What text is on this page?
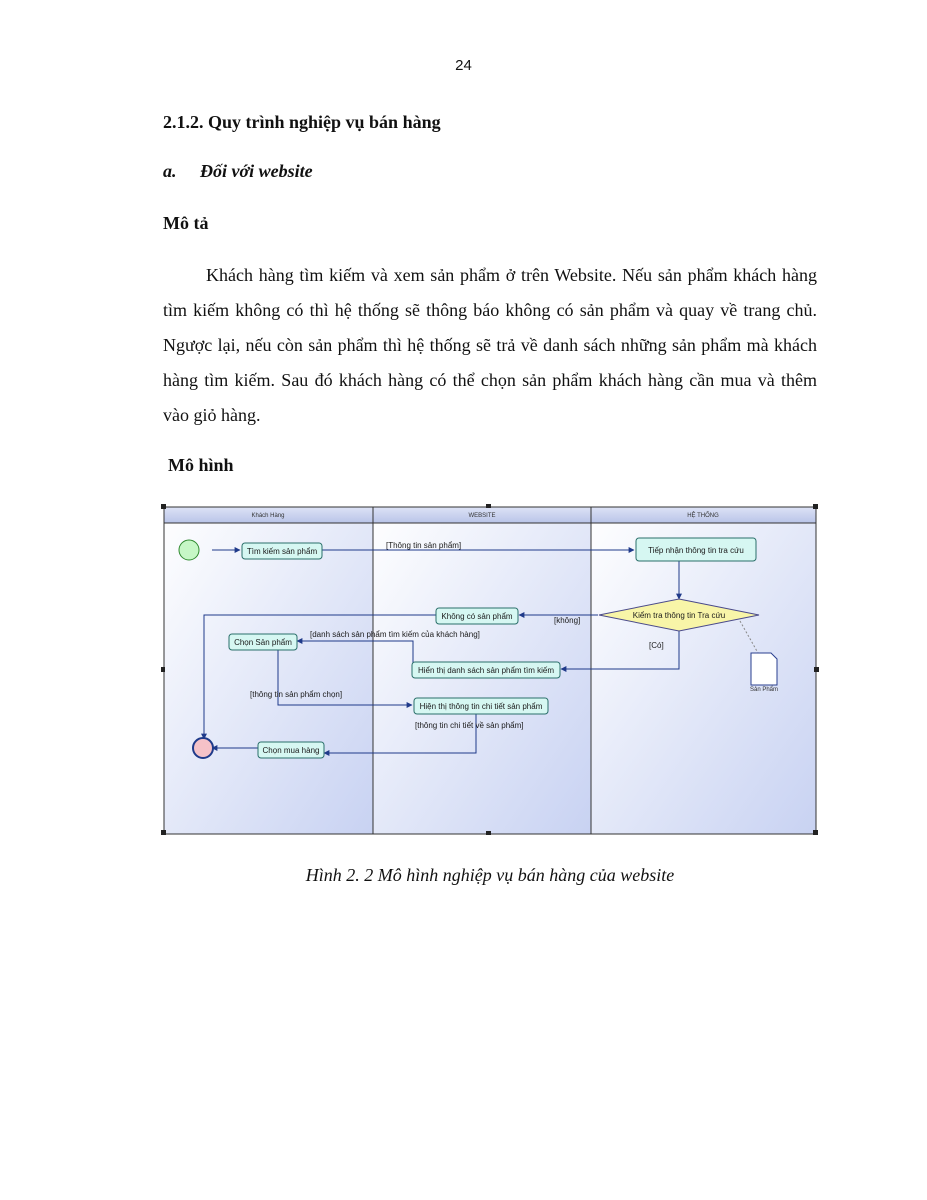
24
2.1.2. Quy trình nghiệp vụ bán hàng
a. Đối với website
Mô tả

Khách hàng tìm kiếm và xem sản phẩm ở trên Website. Nếu sản phẩm khách hàng tìm kiếm không có thì hệ thống sẽ thông báo không có sản phẩm và quay về trang chủ. Ngược lại, nếu còn sản phẩm thì hệ thống sẽ trả về danh sách những sản phẩm mà khách hàng tìm kiếm. Sau đó khách hàng có thể chọn sản phẩm khách hàng cần mua và thêm vào giỏ hàng.

Mô hình
Khách Hàng	WEBSITE	HỆ THỐNG
Tìm kiếm sản phẩm	Tiếp nhận thông tin tra cứu
Không có sản phẩm
Chọn Sản phẩm
Hiển thị danh sách sản phẩm tìm kiếm
Hiện thị thông tin chi tiết sản phẩm
Chọn mua hàng
Kiểm tra thông tin Tra cứu
Sản Phẩm
[Thông tin sản phẩm]
[không]
[Có]
[danh sách sản phẩm tìm kiếm của khách hàng]
[thông tin sản phẩm chọn]
[thông tin chi tiết về sản phẩm]
Hình 2. 2 Mô hình nghiệp vụ bán hàng của website
